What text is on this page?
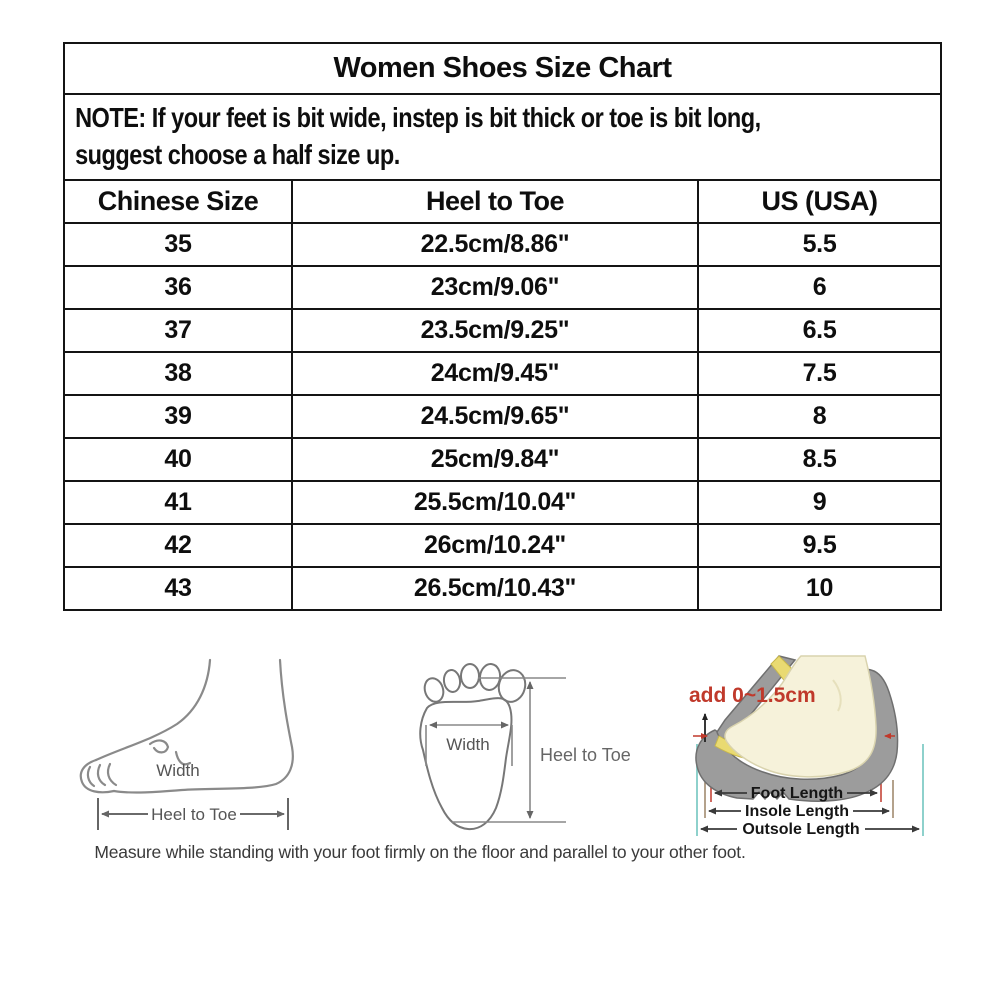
Women Shoes Size Chart		

NOTE: If your feet is bit wide, instep is bit thick or toe is bit long,
suggest choose a half size up.		

Chinese Size	Heel to Toe	US (USA)
35	22.5cm/8.86"	5.5
36	23cm/9.06"	6
37	23.5cm/9.25"	6.5
38	24cm/9.45"	7.5
39	24.5cm/9.65"	8
40	25cm/9.84"	8.5
41	25.5cm/10.04"	9
42	26cm/10.24"	9.5
43	26.5cm/10.43"	10
Width
Heel to Toe
Width
Heel to Toe
add 0~1.5cm
Foot Length
Insole Length
Outsole Length
Measure while standing with your foot firmly on the floor and parallel to your other foot.
